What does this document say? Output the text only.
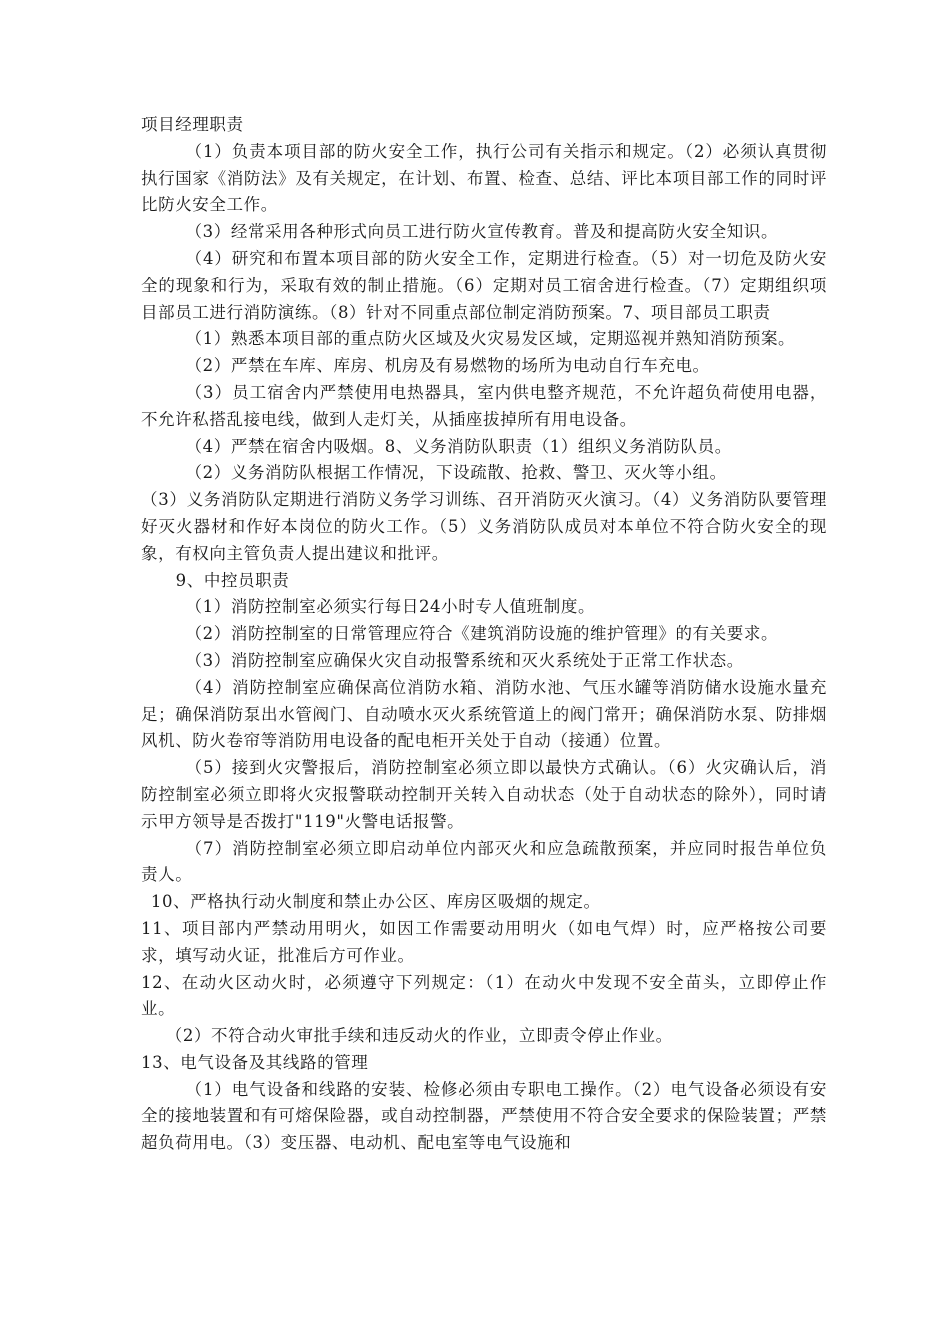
项目经理职责

（1）负责本项目部的防火安全工作，执行公司有关指示和规定。（2）必须认真贯彻执行国家《消防法》及有关规定，在计划、布置、检查、总结、评比本项目部工作的同时评比防火安全工作。

（3）经常采用各种形式向员工进行防火宣传教育。普及和提高防火安全知识。

（4）研究和布置本项目部的防火安全工作，定期进行检查。（5）对一切危及防火安全的现象和行为，采取有效的制止措施。（6）定期对员工宿舍进行检查。（7）定期组织项目部员工进行消防演练。（8）针对不同重点部位制定消防预案。7、项目部员工职责

（1）熟悉本项目部的重点防火区域及火灾易发区域，定期巡视并熟知消防预案。

（2）严禁在车库、库房、机房及有易燃物的场所为电动自行车充电。

（3）员工宿舍内严禁使用电热器具，室内供电整齐规范，不允许超负荷使用电器，不允许私搭乱接电线，做到人走灯关，从插座拔掉所有用电设备。

（4）严禁在宿舍内吸烟。8、义务消防队职责（1）组织义务消防队员。

（2）义务消防队根据工作情况，下设疏散、抢救、警卫、灭火等小组。

（3）义务消防队定期进行消防义务学习训练、召开消防灭火演习。（4）义务消防队要管理好灭火器材和作好本岗位的防火工作。（5）义务消防队成员对本单位不符合防火安全的现象，有权向主管负责人提出建议和批评。

9、中控员职责

（1）消防控制室必须实行每日24小时专人值班制度。

（2）消防控制室的日常管理应符合《建筑消防设施的维护管理》的有关要求。

（3）消防控制室应确保火灾自动报警系统和灭火系统处于正常工作状态。

（4）消防控制室应确保高位消防水箱、消防水池、气压水罐等消防储水设施水量充足；确保消防泵出水管阀门、自动喷水灭火系统管道上的阀门常开；确保消防水泵、防排烟风机、防火卷帘等消防用电设备的配电柜开关处于自动（接通）位置。

（5）接到火灾警报后，消防控制室必须立即以最快方式确认。（6）火灾确认后，消防控制室必须立即将火灾报警联动控制开关转入自动状态（处于自动状态的除外），同时请示甲方领导是否拨打"119"火警电话报警。

（7）消防控制室必须立即启动单位内部灭火和应急疏散预案，并应同时报告单位负责人。

10、严格执行动火制度和禁止办公区、库房区吸烟的规定。

11、项目部内严禁动用明火，如因工作需要动用明火（如电气焊）时，应严格按公司要求，填写动火证，批准后方可作业。

12、在动火区动火时，必须遵守下列规定：（1）在动火中发现不安全苗头，立即停止作业。

（2）不符合动火审批手续和违反动火的作业，立即责令停止作业。

13、电气设备及其线路的管理

（1）电气设备和线路的安装、检修必须由专职电工操作。（2）电气设备必须设有安全的接地装置和有可熔保险器，或自动控制器，严禁使用不符合安全要求的保险装置；严禁超负荷用电。（3）变压器、电动机、配电室等电气设施和
